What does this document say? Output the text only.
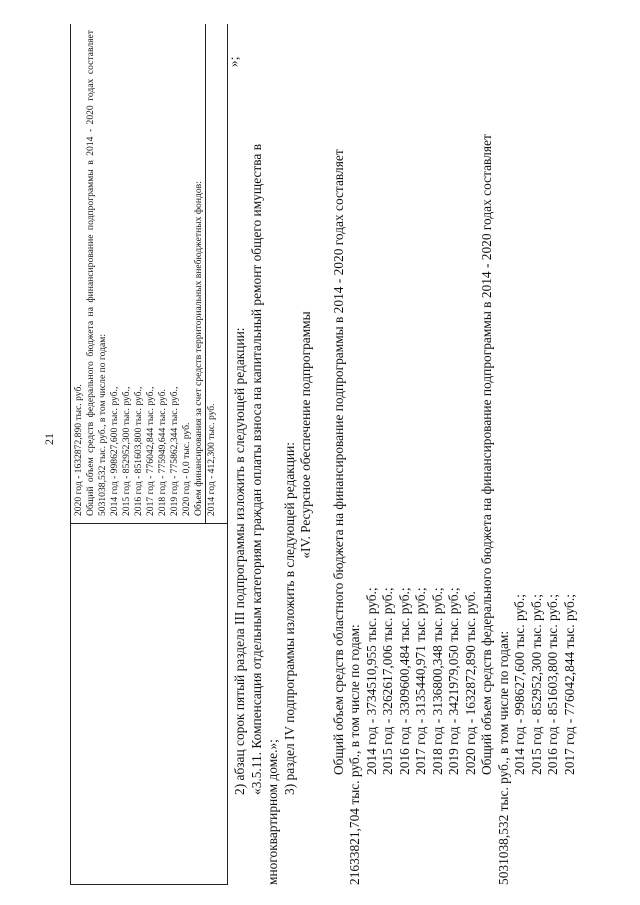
21 2020 год - 1632872,890 тыс. руб. Общий объем средств федерального бюджета на финансирование подпрограммы в 2014 - 2020 годах составляет 5031038,532 тыс. руб., в том числе по годам: 2014 год - 998627,600 тыс. руб., 2015 год - 852952,300 тыс. руб., 2016 год - 851603,800 тыс. руб., 2017 год - 776042,844 тыс. руб., 2018 год - 775949,644 тыс. руб. 2019 год - 775862,344 тыс. руб., 2020 год - 0,0 тыс. руб. Объем финансирования за счет средств территориальных внебюджетных фондов: 2014 год - 412,300 тыс. руб.
»;
2) абзац сорок пятый раздела III подпрограммы изложить в следующей редакции: «3.5.11. Компенсация отдельным категориям граждан оплаты взноса на капитальный ремонт общего имущества в
многоквартирном доме.»;
3) раздел IV подпрограммы изложить в следующей редакции:
«IV. Ресурсное обеспечение подпрограммы Общий объем средств областного бюджета на финансирование подпрограммы в 2014 - 2020 годах составляет 21633821,704 тыс. руб., в том числе по годам: 2014 год - 3734510,955 тыс. руб.; 2015 год - 3262617,006 тыс. руб.; 2016 год - 3309600,484 тыс. руб.; 2017 год - 3135440,971 тыс. руб.; 2018 год - 3136800,348 тыс. руб.; 2019 год - 3421979,050 тыс. руб.; 2020 год - 1632872,890 тыс. руб. Общий объем средств федерального бюджета на финансирование подпрограммы в 2014 - 2020 годах составляет 5031038,532 тыс. руб., в том числе по годам: 2014 год - 998627,600 тыс. руб.; 2015 год - 852952,300 тыс. руб.; 2016 год - 851603,800 тыс. руб.; 2017 год - 776042,844 тыс. руб.;
